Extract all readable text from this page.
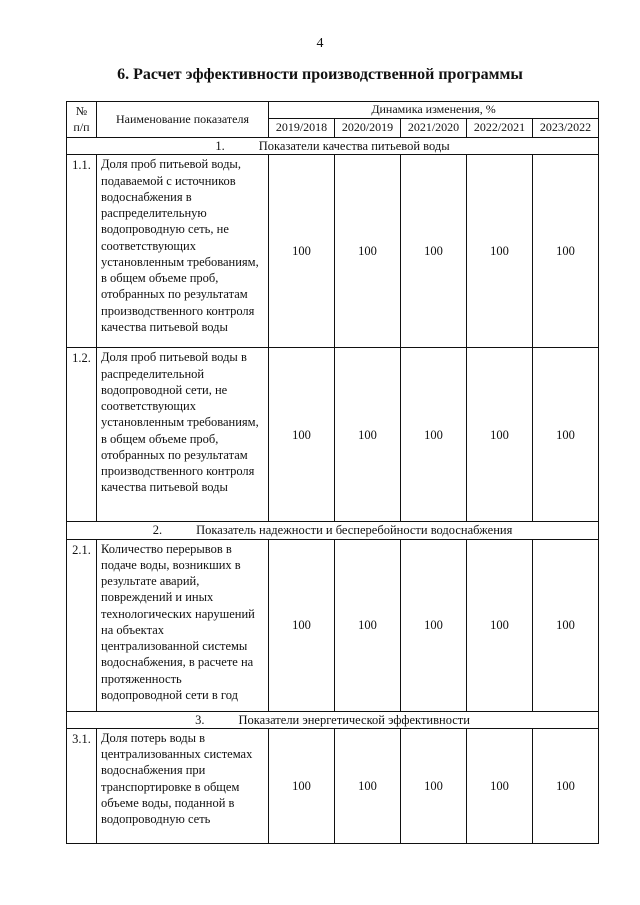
4
6. Расчет эффективности производственной программы
№ п/п	Наименование показателя	Динамика изменения, %				
		2019/2018	2020/2019	2021/2020	2022/2021	2023/2022
1. Показатели качества питьевой воды						
1.1.	Доля проб питьевой воды, подаваемой с источников водоснабжения в распределительную водопроводную сеть, не соответствующих установленным требованиям, в общем объеме проб, отобранных по результатам производственного контроля качества питьевой воды	100	100	100	100	100
1.2.	Доля проб питьевой воды в распределительной водопроводной сети, не соответствующих установленным требованиям, в общем объеме проб, отобранных по результатам производственного контроля качества питьевой воды	100	100	100	100	100
2. Показатель надежности и бесперебойности водоснабжения						
2.1.	Количество перерывов в подаче воды, возникших в результате аварий, повреждений и иных технологических нарушений на объектах централизованной системы водоснабжения, в расчете на протяженность водопроводной сети в год	100	100	100	100	100
3. Показатели энергетической эффективности						
3.1.	Доля потерь воды в централизованных системах водоснабжения при транспортировке в общем объеме воды, поданной в водопроводную сеть	100	100	100	100	100
